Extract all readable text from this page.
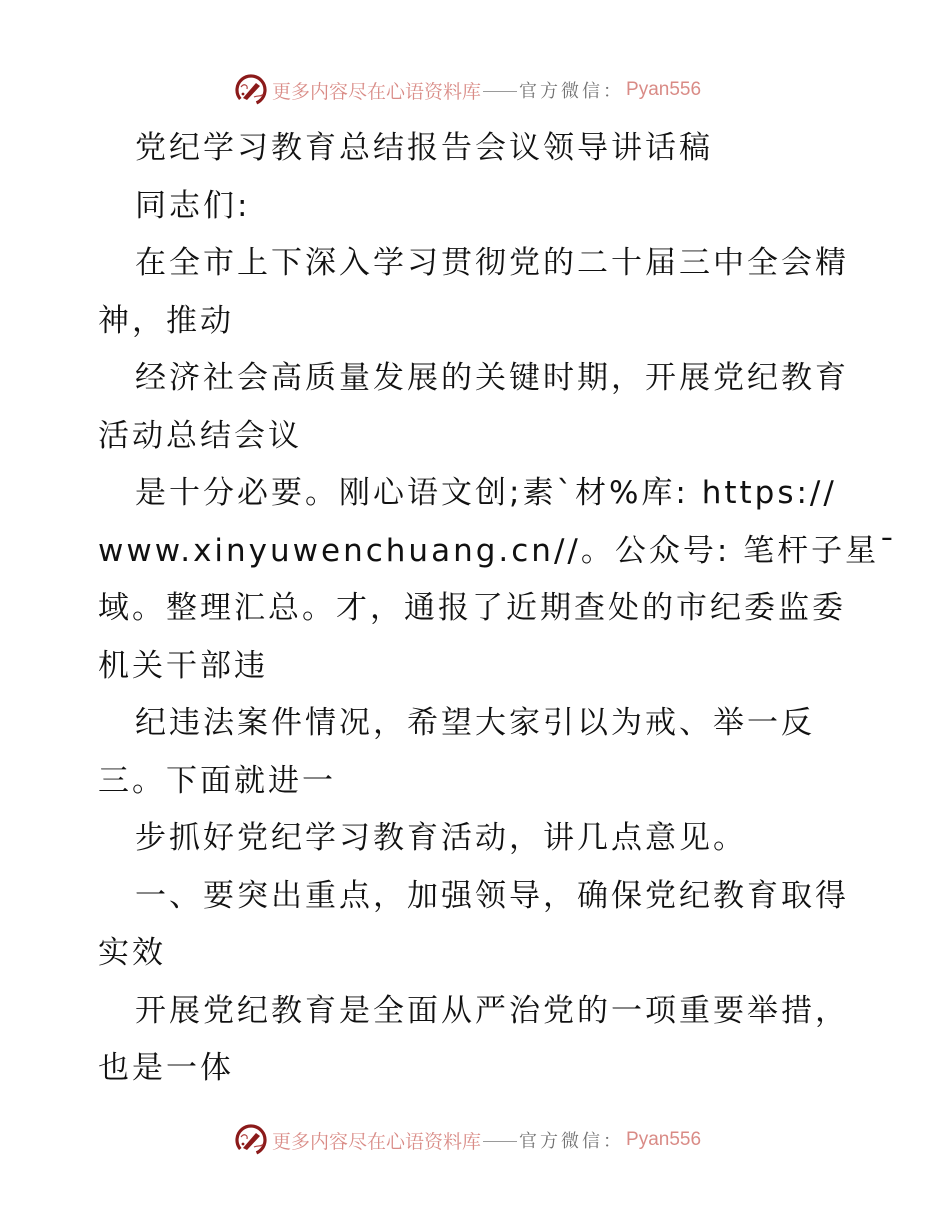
更多内容尽在心语资料库 官方微信： Pyan556
党纪学习教育总结报告会议领导讲话稿
同志们:
在全市上下深入学习贯彻党的二十届三中全会精
神，推动
经济社会高质量发展的关键时期，开展党纪教育
活动总结会议
是十分必要。刚心语文创;素`材%库: https://
www.xinyuwenchuang.cn//。公众号: 笔杆子星¯
域。整理汇总。才，通报了近期查处的市纪委监委
机关干部违
纪违法案件情况，希望大家引以为戒、举一反
三。下面就进一
步抓好党纪学习教育活动，讲几点意见。
一、要突出重点，加强领导，确保党纪教育取得
实效
开展党纪教育是全面从严治党的一项重要举措，
也是一体
更多内容尽在心语资料库 官方微信： Pyan556
